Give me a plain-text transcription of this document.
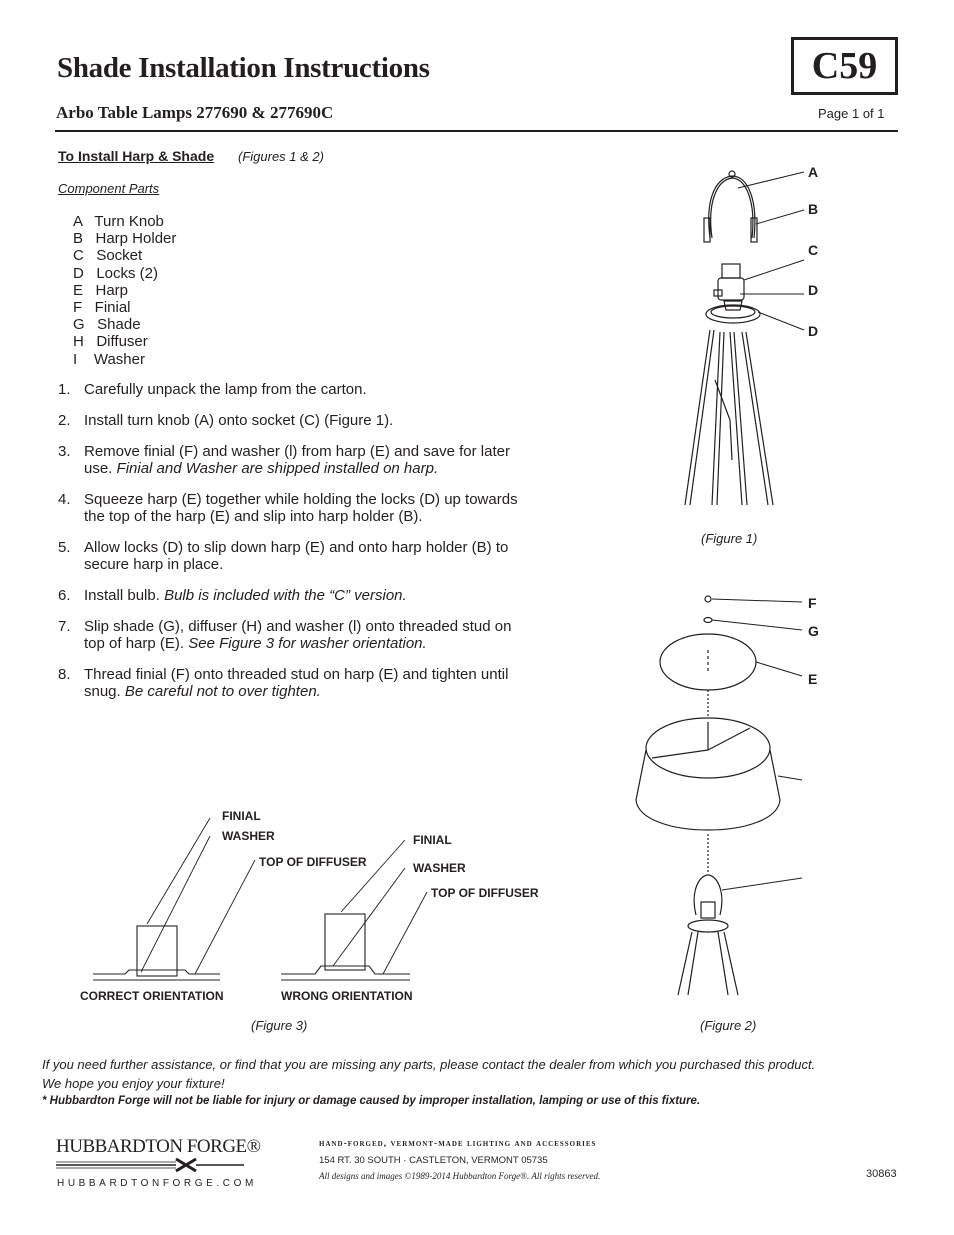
Shade Installation Instructions
Arbo Table Lamps 277690 & 277690C
C59
Page 1 of 1
To Install Harp & Shade (Figures 1 & 2)
Component Parts
A   Turn Knob
B   Harp Holder
C   Socket
D   Locks (2)
E   Harp
F   Finial
G   Shade
H   Diffuser
I    Washer
1. Carefully unpack the lamp from the carton.
2. Install turn knob (A) onto socket (C) (Figure 1).
3. Remove finial (F) and washer (l) from harp (E) and save for later use. Finial and Washer are shipped installed on harp.
4. Squeeze harp (E) together while holding the locks (D) up towards the top of the harp (E) and slip into harp holder (B).
5. Allow locks (D) to slip down harp (E) and onto harp holder (B) to secure harp in place.
6. Install bulb. Bulb is included with the “C” version.
7. Slip shade (G), diffuser (H) and washer (l) onto threaded stud on top of harp (E). See Figure 3 for washer orientation.
8. Thread finial (F) onto threaded stud on harp (E) and tighten until snug. Be careful not to over tighten.
A
B
C
D
D
(Figure 1)
F
G
E
(Figure 2)
FINIAL
WASHER
TOP OF DIFFUSER
CORRECT ORIENTATION
FINIAL
WASHER
TOP OF DIFFUSER
WRONG ORIENTATION
(Figure 3)
If you need further assistance, or find that you are missing any parts, please contact the dealer from which you purchased this product.
We hope you enjoy your fixture!
* Hubbardton Forge will not be liable for injury or damage caused by improper installation, lamping or use of this fixture.
HUBBARDTON FORGE®
HUBBARDTONFORGE.COM
hand-forged, vermont-made lighting and accessories
154 RT. 30 SOUTH · CASTLETON, VERMONT 05735
All designs and images ©1989-2014 Hubbardton Forge®. All rights reserved.	30863
